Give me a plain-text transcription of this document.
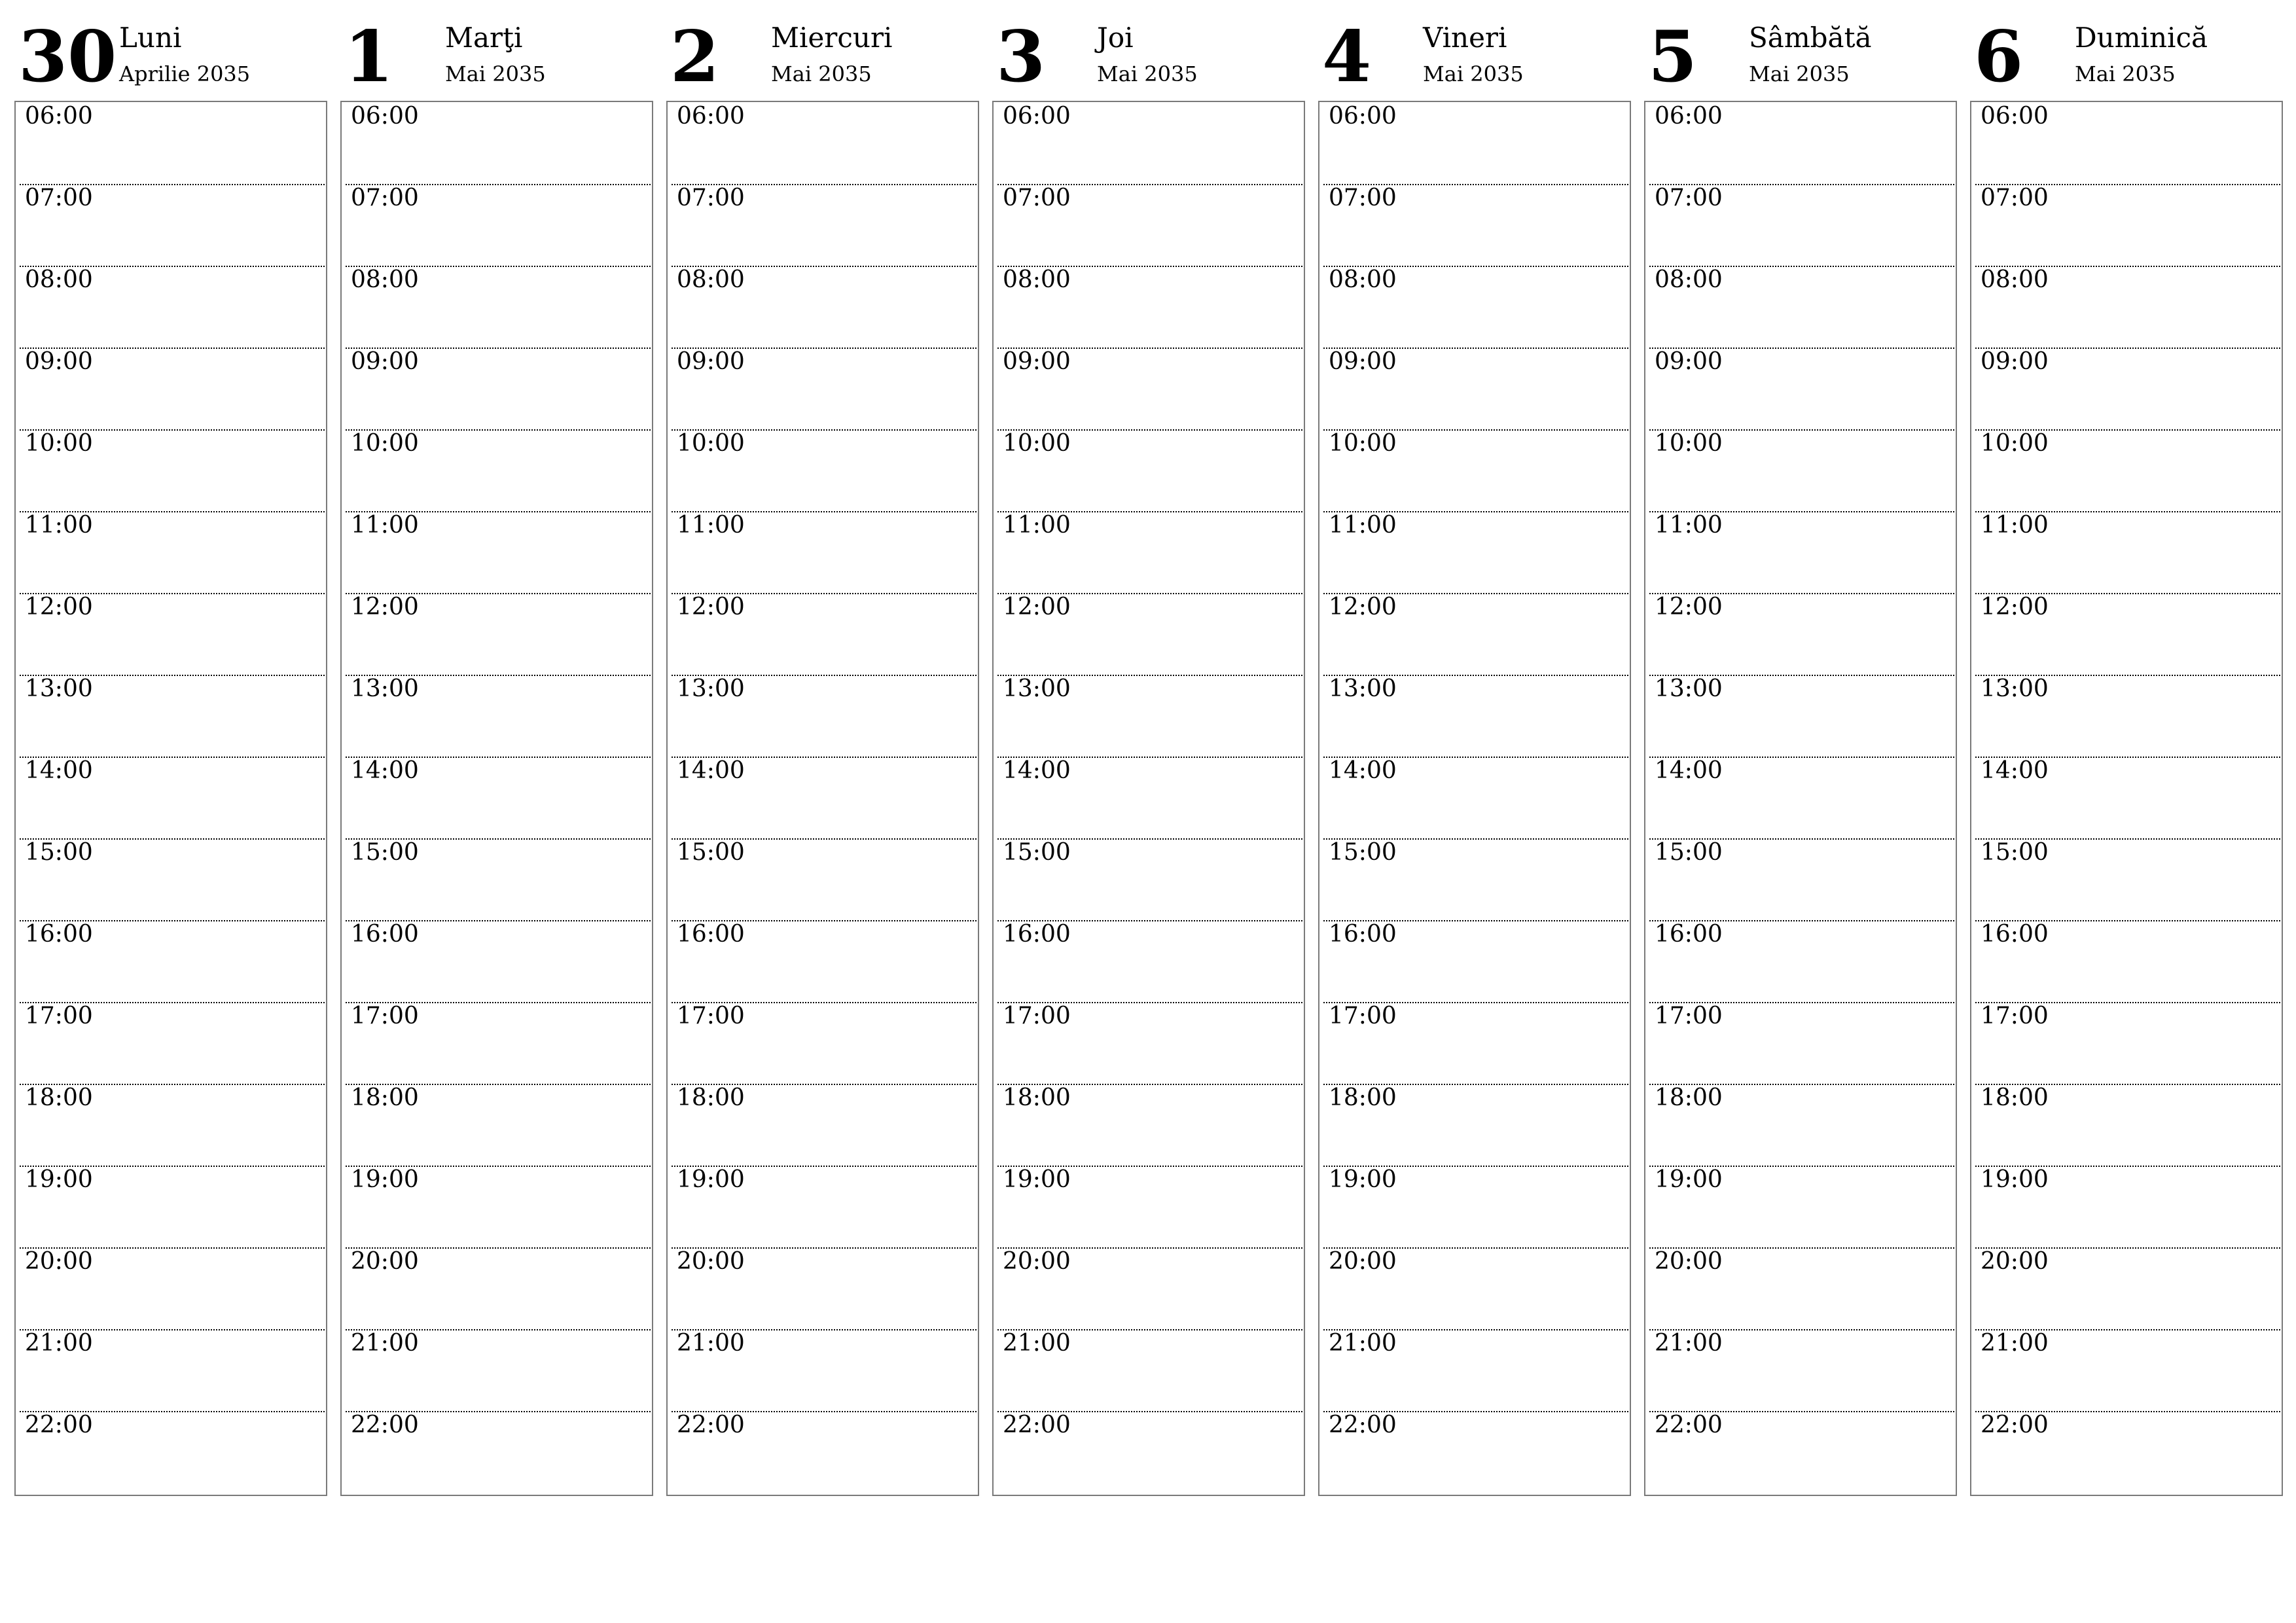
30 Luni
Aprilie 2035
06:00
07:00
08:00
09:00
10:00
11:00
12:00
13:00
14:00
15:00
16:00
17:00
18:00
19:00
20:00
21:00
22:00
1 Marţi
Mai 2035
06:00
07:00
08:00
09:00
10:00
11:00
12:00
13:00
14:00
15:00
16:00
17:00
18:00
19:00
20:00
21:00
22:00
2 Miercuri
Mai 2035
06:00
07:00
08:00
09:00
10:00
11:00
12:00
13:00
14:00
15:00
16:00
17:00
18:00
19:00
20:00
21:00
22:00
3 Joi
Mai 2035
06:00
07:00
08:00
09:00
10:00
11:00
12:00
13:00
14:00
15:00
16:00
17:00
18:00
19:00
20:00
21:00
22:00
4 Vineri
Mai 2035
06:00
07:00
08:00
09:00
10:00
11:00
12:00
13:00
14:00
15:00
16:00
17:00
18:00
19:00
20:00
21:00
22:00
5 Sâmbătă
Mai 2035
06:00
07:00
08:00
09:00
10:00
11:00
12:00
13:00
14:00
15:00
16:00
17:00
18:00
19:00
20:00
21:00
22:00
6 Duminică
Mai 2035
06:00
07:00
08:00
09:00
10:00
11:00
12:00
13:00
14:00
15:00
16:00
17:00
18:00
19:00
20:00
21:00
22:00
